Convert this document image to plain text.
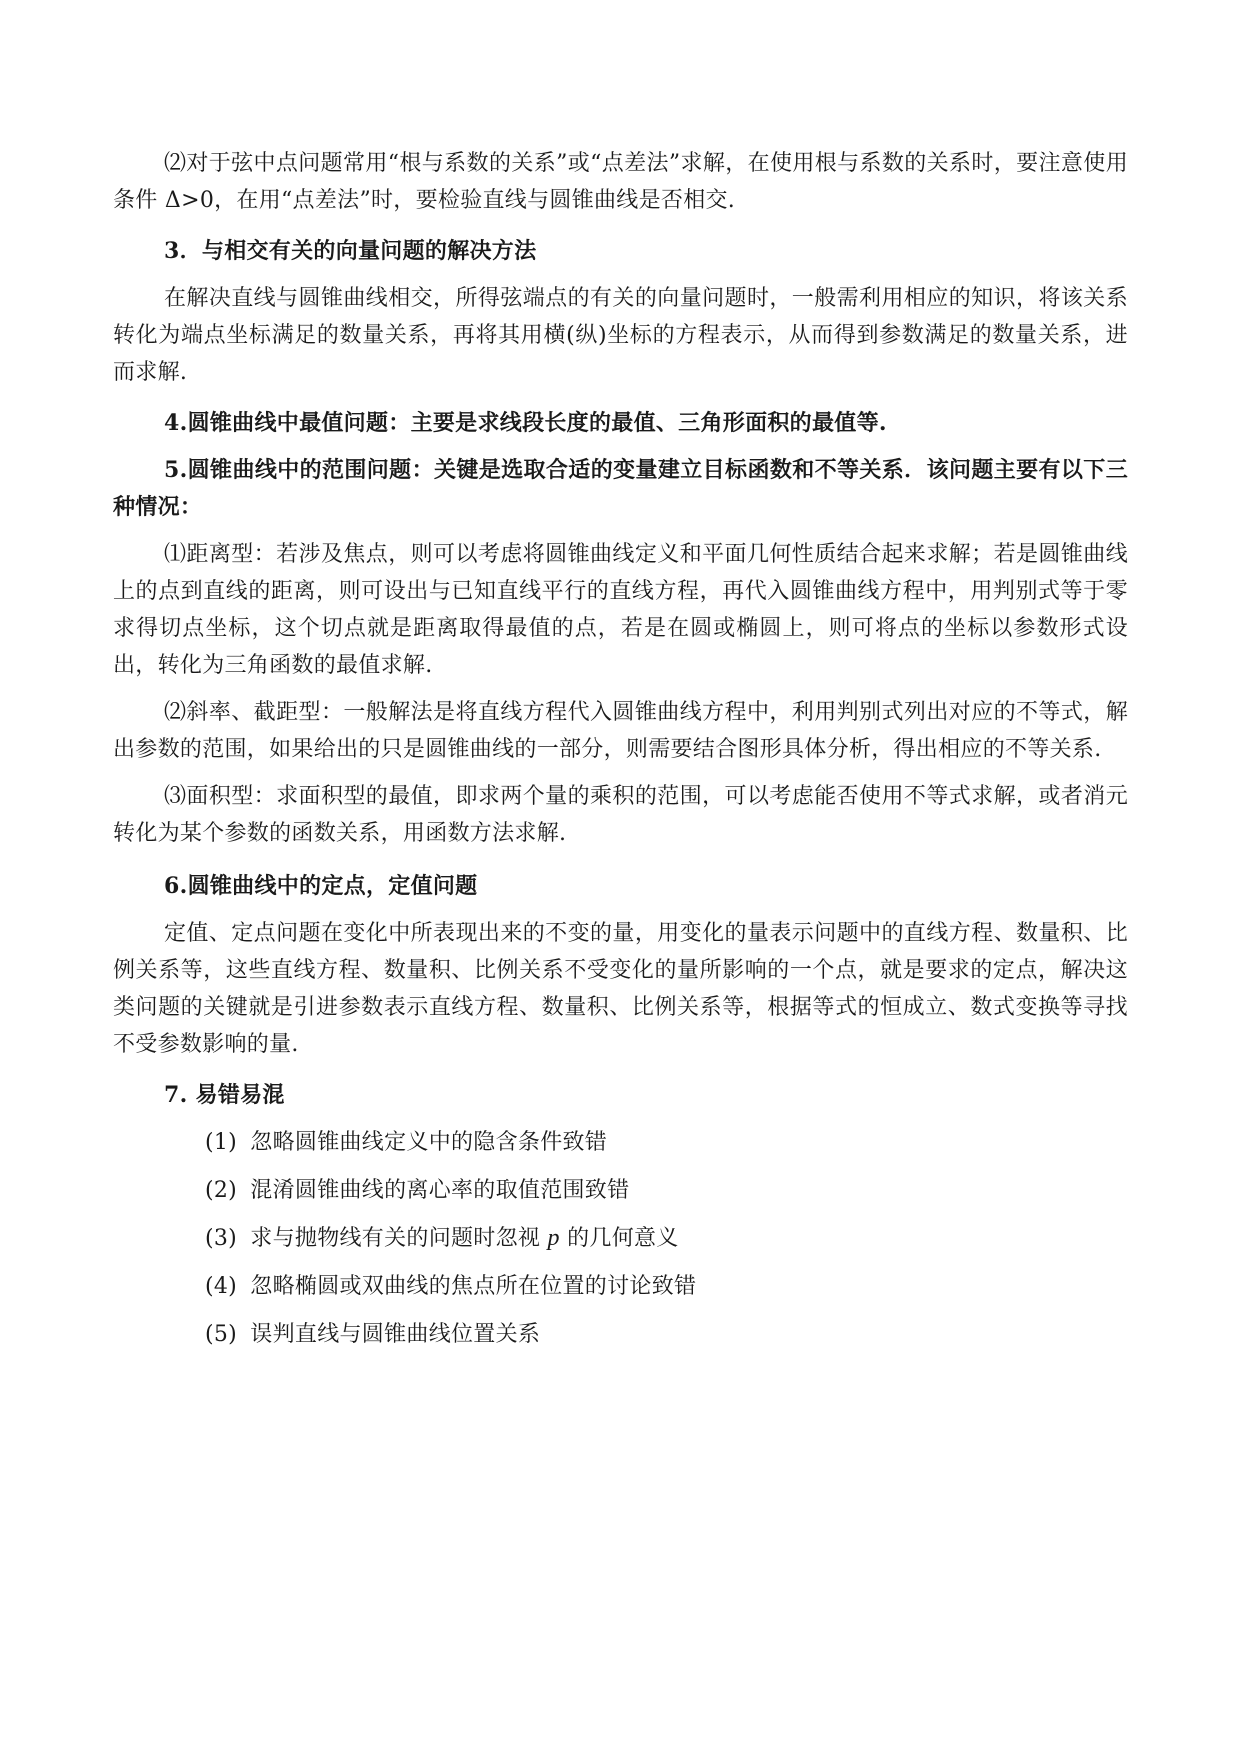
⑵对于弦中点问题常用“根与系数的关系”或“点差法”求解，在使用根与系数的关系时，要注意使用条件 Δ>0，在用“点差法”时，要检验直线与圆锥曲线是否相交.

3．与相交有关的向量问题的解决方法

在解决直线与圆锥曲线相交，所得弦端点的有关的向量问题时，一般需利用相应的知识，将该关系转化为端点坐标满足的数量关系，再将其用横(纵)坐标的方程表示，从而得到参数满足的数量关系，进而求解.

4.圆锥曲线中最值问题：主要是求线段长度的最值、三角形面积的最值等.
5.圆锥曲线中的范围问题：关键是选取合适的变量建立目标函数和不等关系．该问题主要有以下三种情况：

⑴距离型：若涉及焦点，则可以考虑将圆锥曲线定义和平面几何性质结合起来求解；若是圆锥曲线上的点到直线的距离，则可设出与已知直线平行的直线方程，再代入圆锥曲线方程中，用判别式等于零求得切点坐标，这个切点就是距离取得最值的点，若是在圆或椭圆上，则可将点的坐标以参数形式设出，转化为三角函数的最值求解.

⑵斜率、截距型：一般解法是将直线方程代入圆锥曲线方程中，利用判别式列出对应的不等式，解出参数的范围，如果给出的只是圆锥曲线的一部分，则需要结合图形具体分析，得出相应的不等关系.

⑶面积型：求面积型的最值，即求两个量的乘积的范围，可以考虑能否使用不等式求解，或者消元转化为某个参数的函数关系，用函数方法求解.

6.圆锥曲线中的定点，定值问题

定值、定点问题在变化中所表现出来的不变的量，用变化的量表示问题中的直线方程、数量积、比例关系等，这些直线方程、数量积、比例关系不受变化的量所影响的一个点，就是要求的定点，解决这类问题的关键就是引进参数表示直线方程、数量积、比例关系等，根据等式的恒成立、数式变换等寻找不受参数影响的量.

7. 易错易混
(1) 忽略圆锥曲线定义中的隐含条件致错
(2) 混淆圆锥曲线的离心率的取值范围致错
(3) 求与抛物线有关的问题时忽视 p 的几何意义
(4) 忽略椭圆或双曲线的焦点所在位置的讨论致错
(5) 误判直线与圆锥曲线位置关系
